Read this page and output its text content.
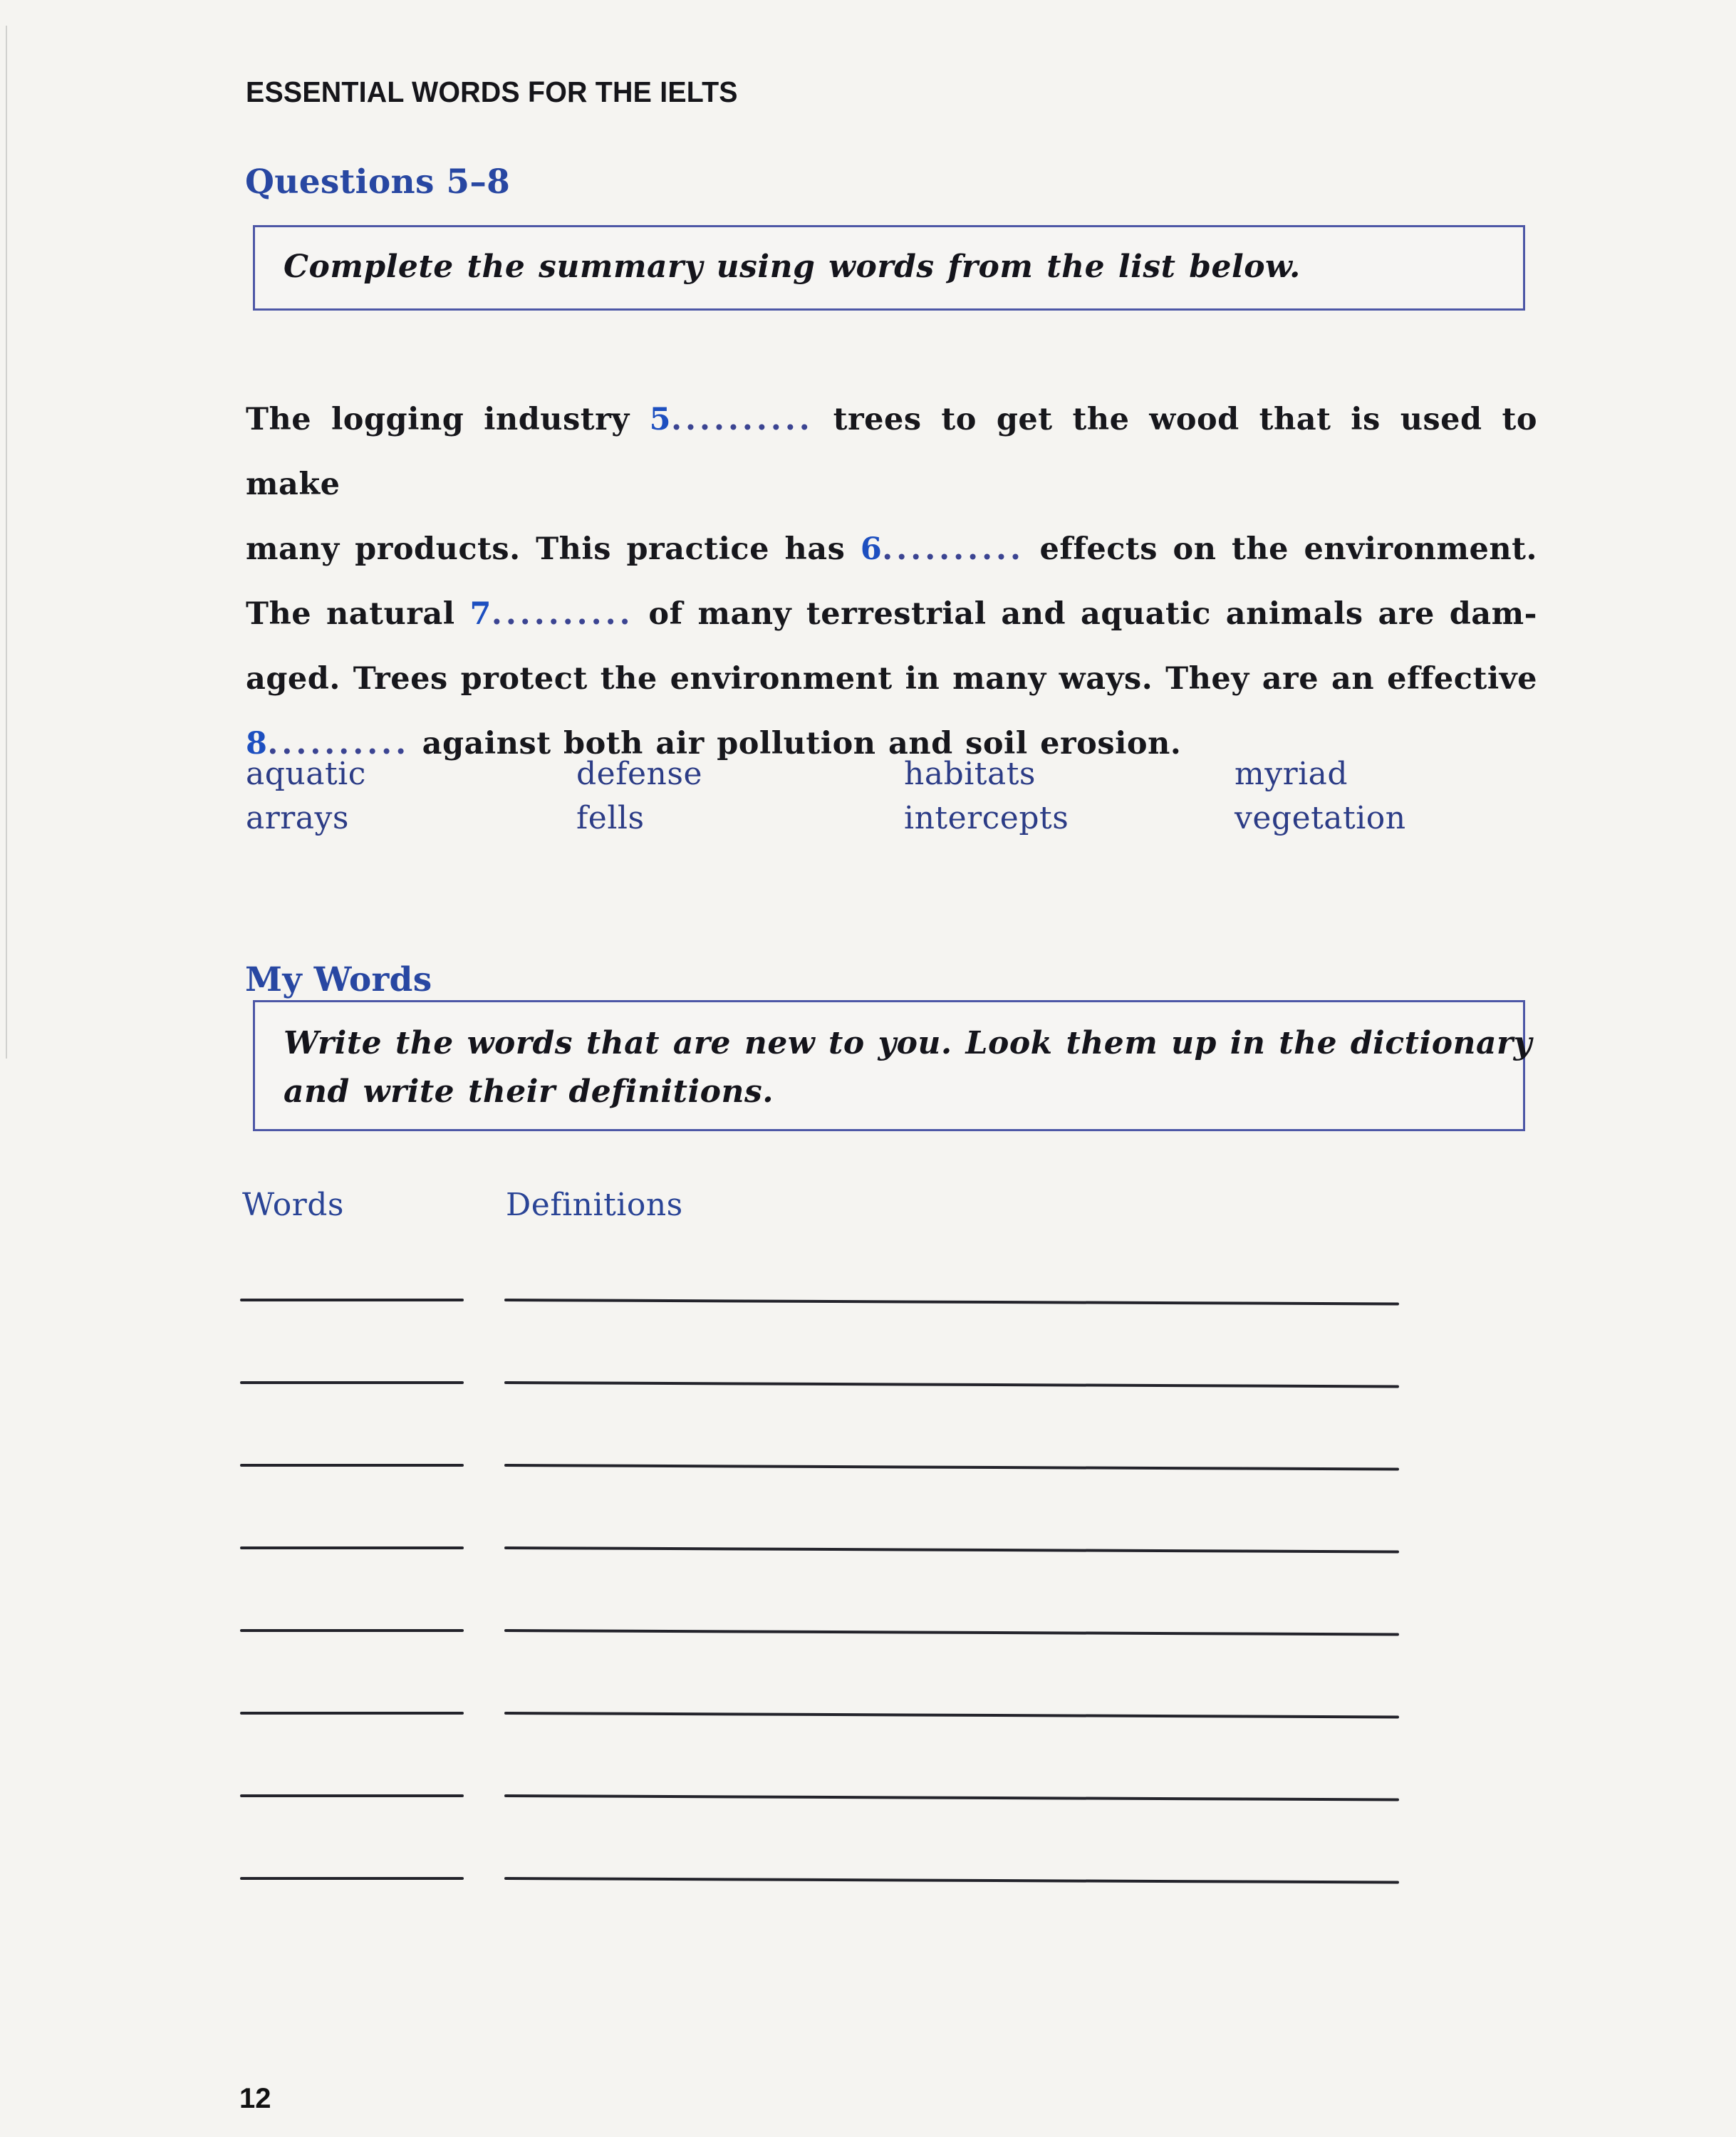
ESSENTIAL WORDS FOR THE IELTS
Questions 5–8
Complete the summary using words from the list below.
The logging industry 5.......... trees to get the wood that is used to make
many products. This practice has 6.......... effects on the environment.
The natural 7.......... of many terrestrial and aquatic animals are dam-
aged. Trees protect the environment in many ways. They are an effective
8.......... against both air pollution and soil erosion.
aquatic	defense	habitats	myriad
arrays	fells	intercepts	vegetation
My Words
Write the words that are new to you. Look them up in the dictionary
and write their definitions.
Words	Definitions
12
